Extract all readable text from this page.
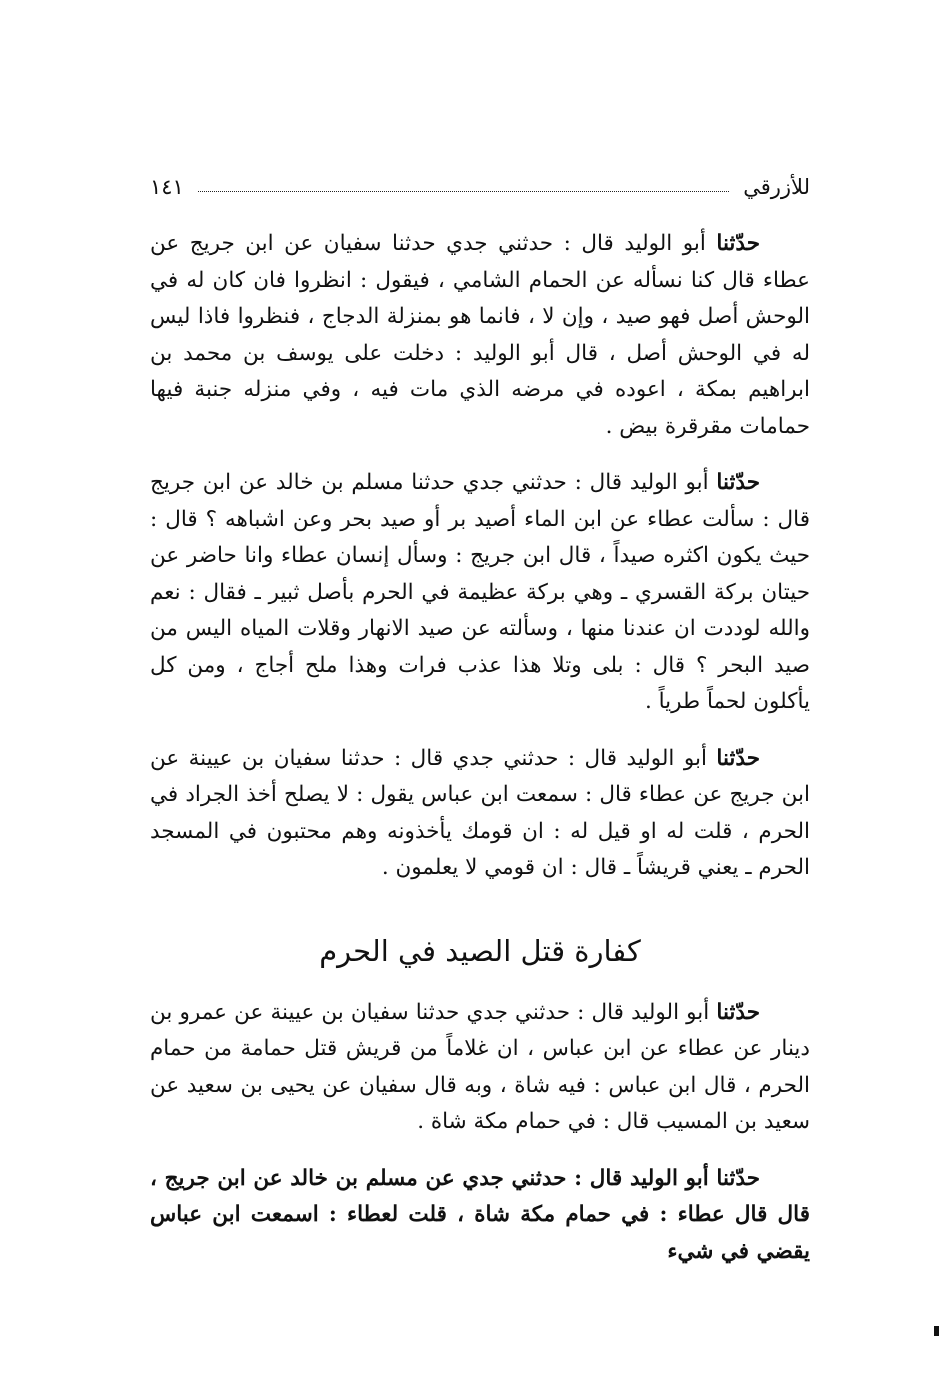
للأزرقي
١٤١

حدّثنا أبو الوليد قال : حدثني جدي حدثنا سفيان عن ابن جريج عن عطاء قال كنا نسأله عن الحمام الشامي ، فيقول : انظروا فان كان له في الوحش أصل فهو صيد ، وإن لا ، فانما هو بمنزلة الدجاج ، فنظروا فاذا ليس له في الوحش أصل ، قال أبو الوليد : دخلت على يوسف بن محمد بن ابراهيم بمكة ، اعوده في مرضه الذي مات فيه ، وفي منزله جنبة فيها حمامات مقرقرة بيض .

حدّثنا أبو الوليد قال : حدثني جدي حدثنا مسلم بن خالد عن ابن جريج قال : سألت عطاء عن ابن الماء أصيد بر أو صيد بحر وعن اشباهه ؟ قال : حيث يكون اكثره صيداً ، قال ابن جريج : وسأل إنسان عطاء وانا حاضر عن حيتان بركة القسري ـ وهي بركة عظيمة في الحرم بأصل ثبير ـ فقال : نعم والله لوددت ان عندنا منها ، وسألته عن صيد الانهار وقلات المياه اليس من صيد البحر ؟ قال : بلى وتلا هذا عذب فرات وهذا ملح أجاج ، ومن كل يأكلون لحماً طرياً .

حدّثنا أبو الوليد قال : حدثني جدي قال : حدثنا سفيان بن عيينة عن ابن جريج عن عطاء قال : سمعت ابن عباس يقول : لا يصلح أخذ الجراد في الحرم ، قلت له او قيل له : ان قومك يأخذونه وهم محتبون في المسجد الحرم ـ يعني قريشاً ـ قال : ان قومي لا يعلمون .

كفارة قتل الصيد في الحرم

حدّثنا أبو الوليد قال : حدثني جدي حدثنا سفيان بن عيينة عن عمرو بن دينار عن عطاء عن ابن عباس ، ان غلاماً من قريش قتل حمامة من حمام الحرم ، قال ابن عباس : فيه شاة ، وبه قال سفيان عن يحيى بن سعيد عن سعيد بن المسيب قال : في حمام مكة شاة .

حدّثنا أبو الوليد قال : حدثني جدي عن مسلم بن خالد عن ابن جريج ، قال قال عطاء : في حمام مكة شاة ، قلت لعطاء : اسمعت ابن عباس يقضي في شيء
